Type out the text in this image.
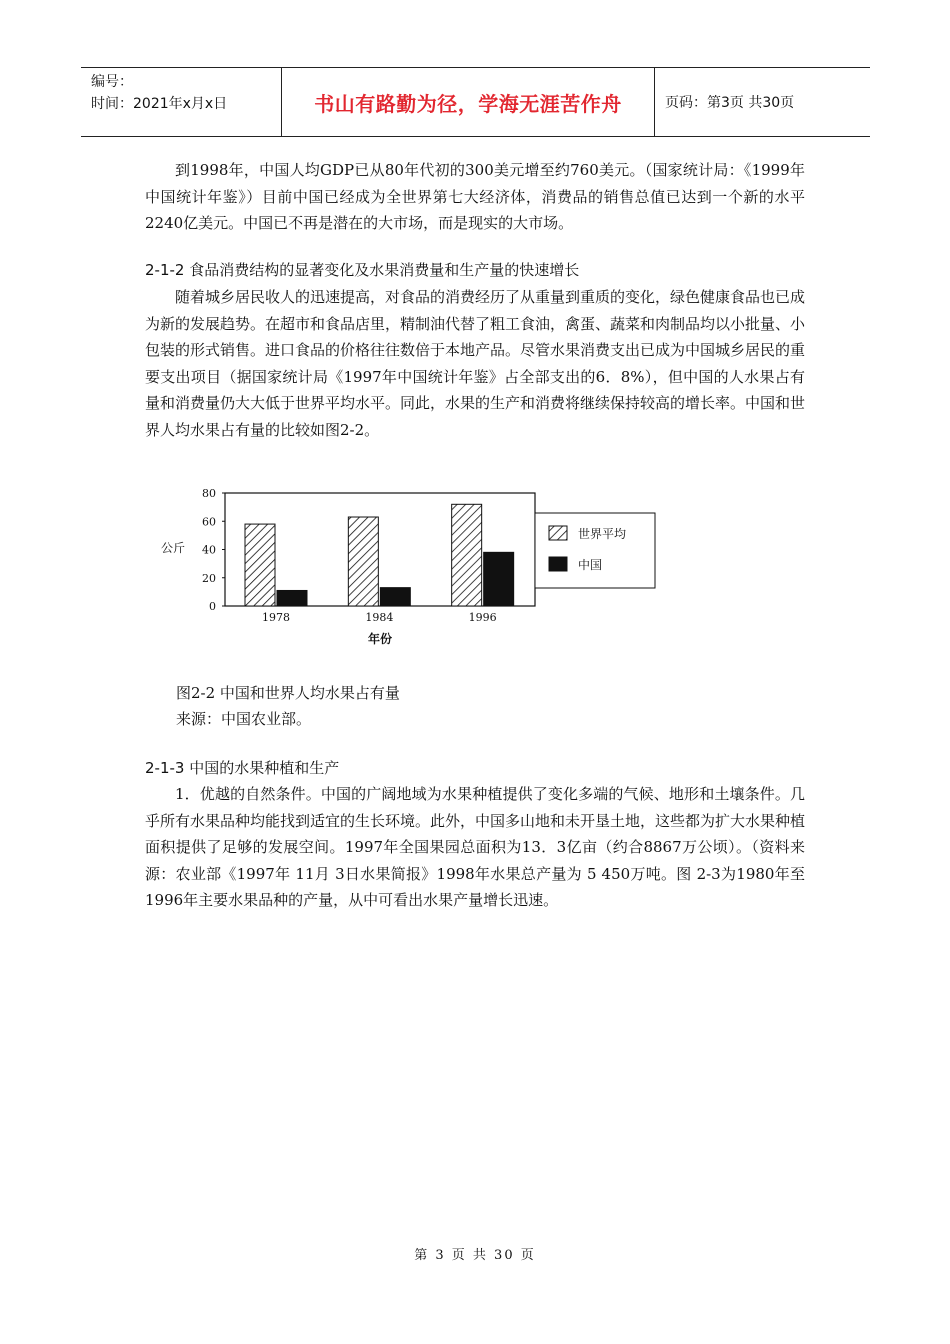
编号：
时间：2021年x月x日	书山有路勤为径，学海无涯苦作舟	页码：第3页 共30页
到1998年，中国人均GDP已从80年代初的300美元增至约760美元。（国家统计局：《1999年中国统计年鉴》）目前中国已经成为全世界第七大经济体，消费品的销售总值已达到一个新的水平2240亿美元。中国已不再是潜在的大市场，而是现实的大市场。
2-1-2 食品消费结构的显著变化及水果消费量和生产量的快速增长
随着城乡居民收人的迅速提高，对食品的消费经历了从重量到重质的变化，绿色健康食品也已成为新的发展趋势。在超市和食品店里，精制油代替了粗工食油，禽蛋、蔬菜和肉制品均以小批量、小包装的形式销售。进口食品的价格往往数倍于本地产品。尽管水果消费支出已成为中国城乡居民的重要支出项目（据国家统计局《1997年中国统计年鉴》占全部支出的6．8%），但中国的人水果占有量和消费量仍大大低于世界平均水平。同此，水果的生产和消费将继续保持较高的增长率。中国和世界人均水果占有量的比较如图2-2。
0
20
40
60
80
公斤
1978	1984	1996
年份
世界平均
中国
图2-2 中国和世界人均水果占有量
来源：中国农业部。
2-1-3 中国的水果种植和生产
1．优越的自然条件。中国的广阔地域为水果种植提供了变化多端的气候、地形和土壤条件。几乎所有水果品种均能找到适宜的生长环境。此外，中国多山地和未开垦土地，这些都为扩大水果种植面积提供了足够的发展空间。1997年全国果园总面积为13．3亿亩（约合8867万公顷）。（资料来源：农业部《1997年 11月 3日水果简报》1998年水果总产量为 5 450万吨。图 2-3为1980年至1996年主要水果品种的产量，从中可看出水果产量增长迅速。
第 3 页 共 30 页
